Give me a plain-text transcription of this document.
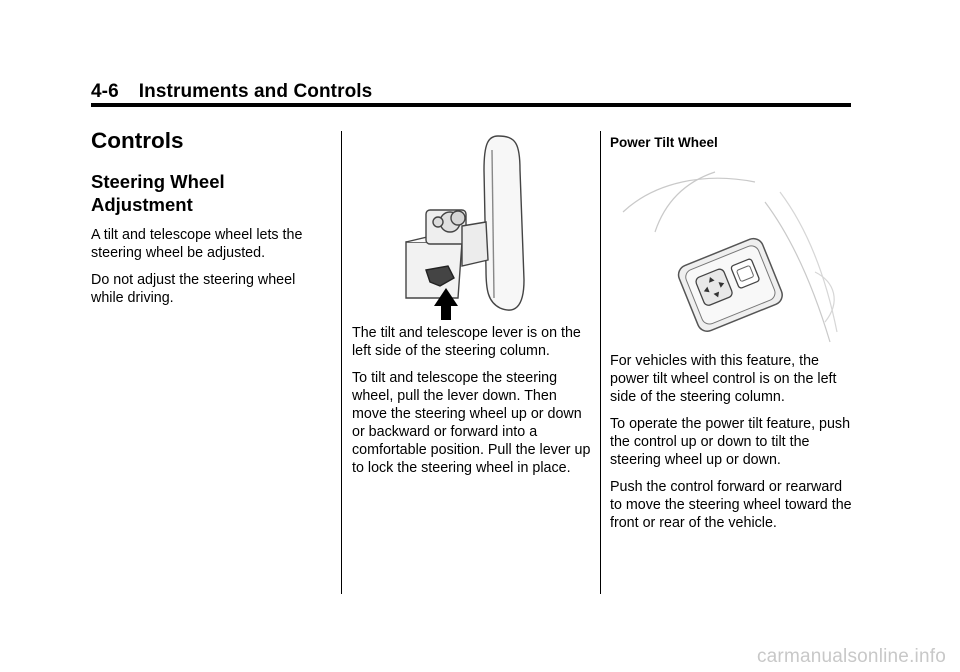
4-6 Instruments and Controls
Controls
Steering Wheel Adjustment

A tilt and telescope wheel lets the steering wheel be adjusted.

Do not adjust the steering wheel while driving.

The tilt and telescope lever is on the left side of the steering column.

To tilt and telescope the steering wheel, pull the lever down. Then move the steering wheel up or down or backward or forward into a comfortable position. Pull the lever up to lock the steering wheel in place.

Power Tilt Wheel

For vehicles with this feature, the power tilt wheel control is on the left side of the steering column.

To operate the power tilt feature, push the control up or down to tilt the steering wheel up or down.

Push the control forward or rearward to move the steering wheel toward the front or rear of the vehicle.

carmanualsonline.info
